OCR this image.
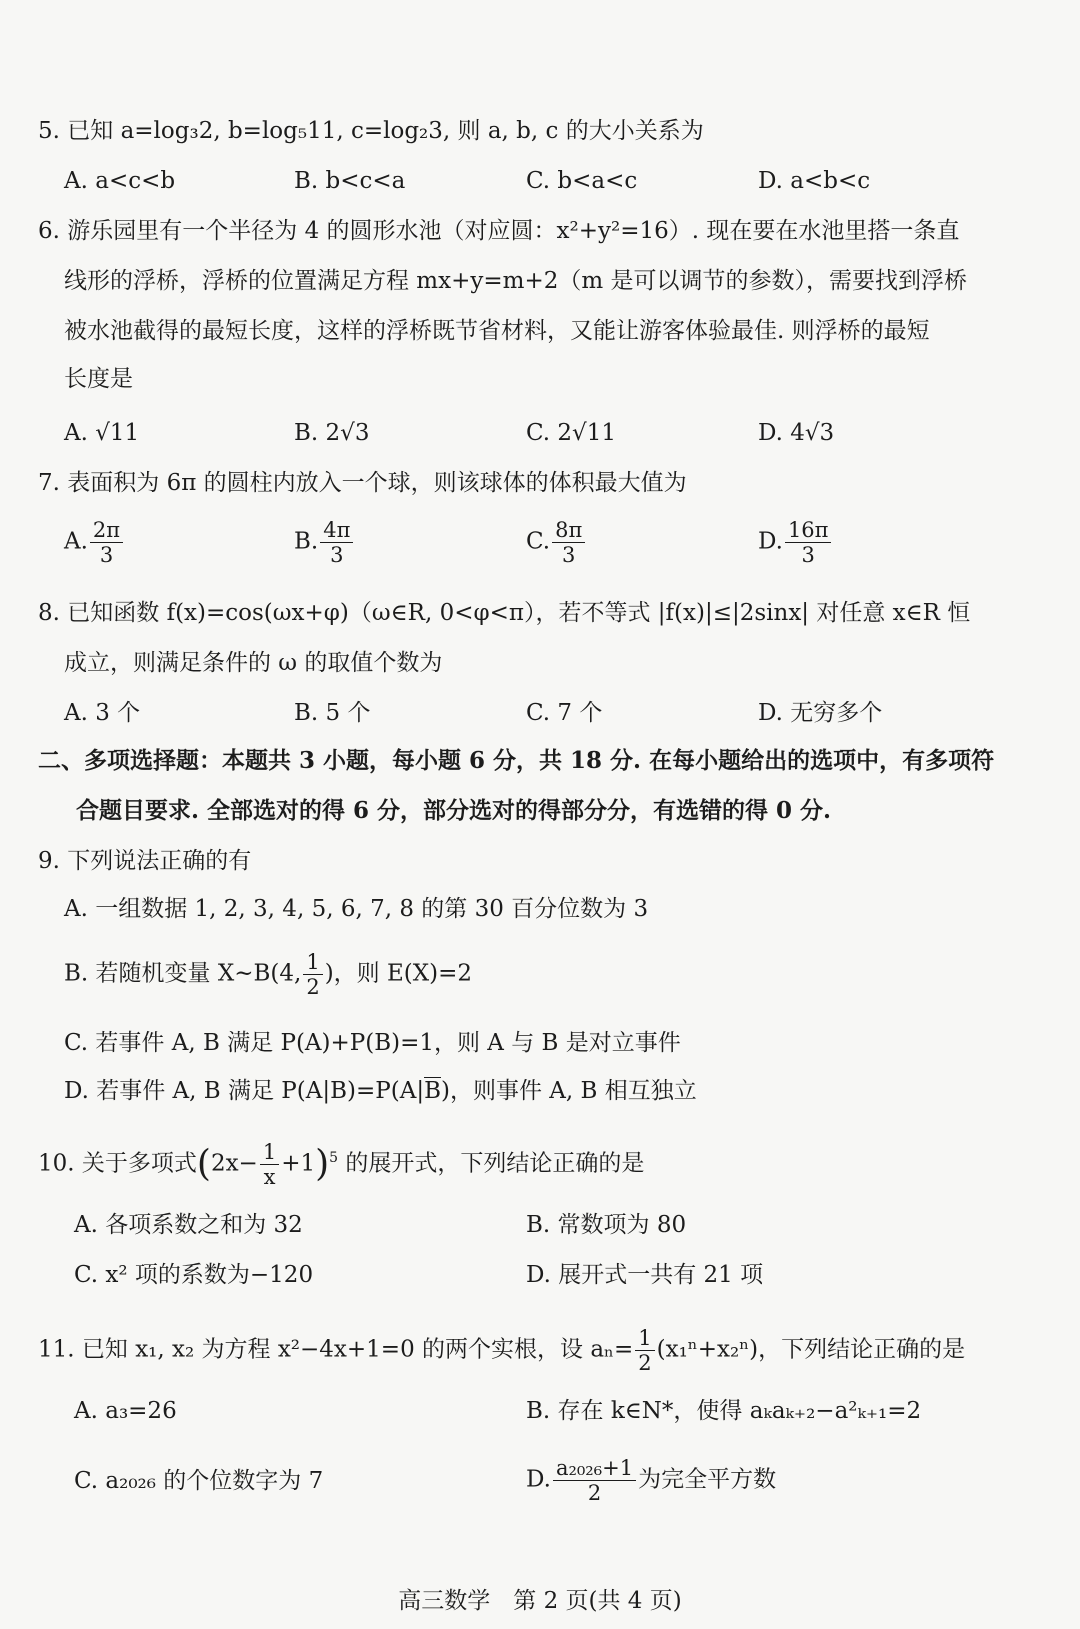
5. 已知 a=log₃2, b=log₅11, c=log₂3, 则 a, b, c 的大小关系为
A. a<c<b	B. b<c<a	C. b<a<c	D. a<b<c
6. 游乐园里有一个半径为 4 的圆形水池（对应圆：x²+y²=16）. 现在要在水池里搭一条直
线形的浮桥，浮桥的位置满足方程 mx+y=m+2（m 是可以调节的参数），需要找到浮桥
被水池截得的最短长度，这样的浮桥既节省材料，又能让游客体验最佳. 则浮桥的最短
长度是
A. √11	B. 2√3	C. 2√11	D. 4√3
7. 表面积为 6π 的圆柱内放入一个球，则该球体的体积最大值为
A. $\frac{2\pi}{3}$	B. $\frac{4\pi}{3}$	C. $\frac{8\pi}{3}$	D. $\frac{16\pi}{3}$
8. 已知函数 f(x)=cos(ωx+φ)（ω∈R, 0<φ<π），若不等式 |f(x)|≤|2sinx| 对任意 x∈R 恒
成立，则满足条件的 ω 的取值个数为
A. 3 个	B. 5 个	C. 7 个	D. 无穷多个
二、多项选择题：本题共 3 小题，每小题 6 分，共 18 分. 在每小题给出的选项中，有多项符
合题目要求. 全部选对的得 6 分，部分选对的得部分分，有选错的得 0 分.
9. 下列说法正确的有
A. 一组数据 1, 2, 3, 4, 5, 6, 7, 8 的第 30 百分位数为 3
B. 若随机变量 X~B(4, $\frac{1}{2}$ )，则 E(X)=2
C. 若事件 A, B 满足 P(A)+P(B)=1，则 A 与 B 是对立事件
D. 若事件 A, B 满足 P(A|B)=P(A|B)，则事件 A, B 相互独立
10. 关于多项式$(2x- \frac{1}{x} +1)^5$ 的展开式，下列结论正确的是
A. 各项系数之和为 32	B. 常数项为 80
C. x² 项的系数为−120	D. 展开式一共有 21 项
11. 已知 x₁, x₂ 为方程 x²−4x+1=0 的两个实根，设 $a_n= \frac{1}{2} (x_1^n+x_2^n)$，下列结论正确的是
A. a₃=26	B. 存在 k∈N*，使得 aₖaₖ₊₂−a²ₖ₊₁=2
C. a₂₀₂₆ 的个位数字为 7	D. $\frac{\text{a₂₀₂₆+1}}{2}$ 为完全平方数
高三数学　第 2 页(共 4 页)
